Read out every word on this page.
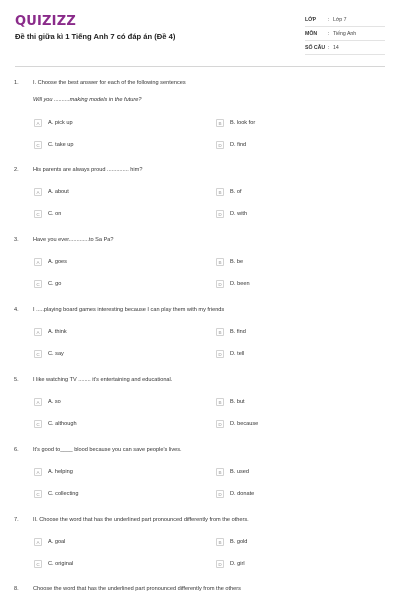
QUIZIZZ
Đề thi giữa kì 1 Tiếng Anh 7 có đáp án (Đề 4)
LỚP	: Lớp 7
MÔN	: Tiếng Anh
SỐ CÂU : 14
1.	I. Choose the best answer for each of the following sentences
Will you ..........making models in the future?
A	A. pick up	B	B. look for
C	C. take up	D	D. find
2.	His parents are always proud .............. him?
A	A. about	B	B. of
C	C. on	D	D. with
3.	Have you ever.............to Sa Pa?
A	A. goes	B	B. be
C	C. go	D	D. been
4.	I .....playing board games interesting because I can play them with my friends
A	A. think	B	B. find
C	C. say	D	D. tell
5.	I like watching TV ........ it's entertaining and educational.
A	A. so	B	B. but
C	C. although	D	D. because
6.	It's good to____ blood because you can save people's lives.
A	A. helping	B	B. used
C	C. collecting	D	D. donate
7.	II. Choose the word that has the underlined part pronounced differently from the others.
A	A. goal	B	B. gold
C	C. original	D	D. girl
8.	Choose the word that has the underlined part pronounced differently from the others
